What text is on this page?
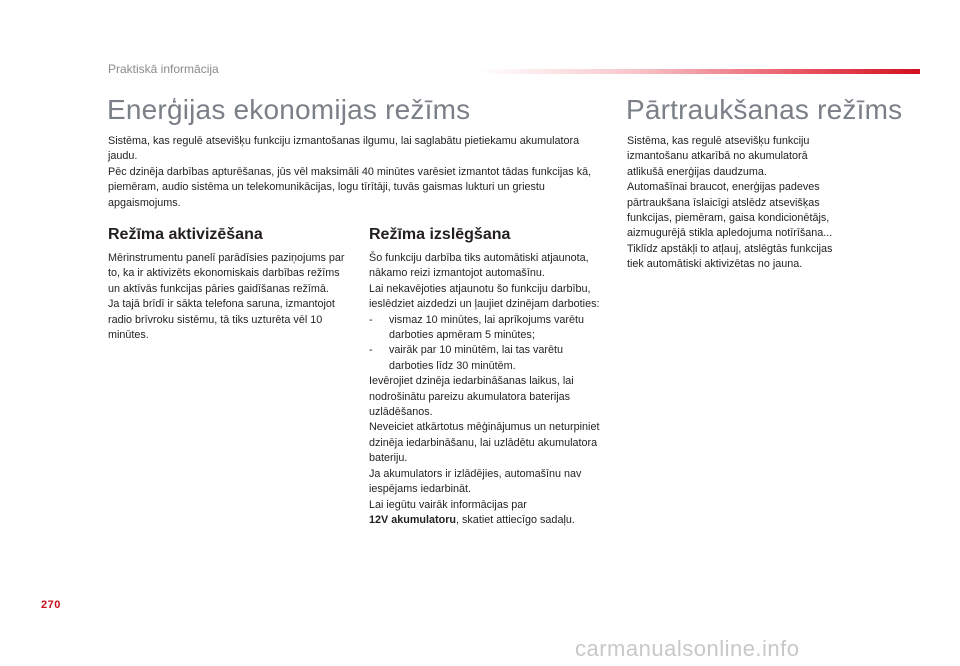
Praktiskā informācija
Enerģijas ekonomijas režīms	Pārtraukšanas režīms

Sistēma, kas regulē atsevišķu funkciju izmantošanas ilgumu, lai saglabātu pietiekamu akumulatora jaudu.

Pēc dzinēja darbības apturēšanas, jūs vēl maksimāli 40 minūtes varēsiet izmantot tādas funkcijas kā, piemēram, audio sistēma un telekomunikācijas, logu tīrītāji, tuvās gaismas lukturi un griestu apgaismojums.

Režīma aktivizēšana

Mērinstrumentu panelī parādīsies paziņojums par to, ka ir aktivizēts ekonomiskais darbības režīms un aktīvās funkcijas pāries gaidīšanas režīmā.

Ja tajā brīdī ir sākta telefona saruna, izmantojot radio brīvroku sistēmu, tā tiks uzturēta vēl 10 minūtes.

Režīma izslēgšana

Šo funkciju darbība tiks automātiski atjaunota, nākamo reizi izmantojot automašīnu.

Lai nekavējoties atjaunotu šo funkciju darbību, ieslēdziet aizdedzi un ļaujiet dzinējam darboties:

- vismaz 10 minūtes, lai aprīkojums varētu darboties apmēram 5 minūtes;

- vairāk par 10 minūtēm, lai tas varētu darboties līdz 30 minūtēm.

Ievērojiet dzinēja iedarbināšanas laikus, lai nodrošinātu pareizu akumulatora baterijas uzlādēšanos.

Neveiciet atkārtotus mēģinājumus un neturpiniet dzinēja iedarbināšanu, lai uzlādētu akumulatora bateriju.

Ja akumulators ir izlādējies, automašīnu nav iespējams iedarbināt.

Lai iegūtu vairāk informācijas par

12V akumulatoru, skatiet attiecīgo sadaļu.

Sistēma, kas regulē atsevišķu funkciju izmantošanu atkarībā no akumulatorā atlikušā enerģijas daudzuma.

Automašīnai braucot, enerģijas padeves pārtraukšana īslaicīgi atslēdz atsevišķas funkcijas, piemēram, gaisa kondicionētājs, aizmugurējā stikla apledojuma notīrīšana...

Tiklīdz apstākļi to atļauj, atslēgtās funkcijas tiek automātiski aktivizētas no jauna.

270
carmanualsonline.info
